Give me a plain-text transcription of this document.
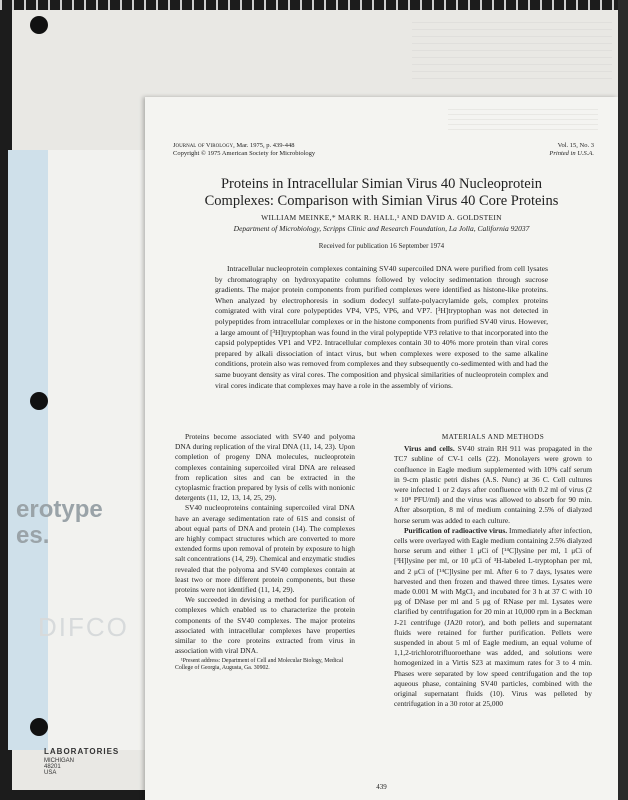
erotype
es.
DIFCO
LABORATORIES
MICHIGAN 48201 USA
Journal of Virology, Mar. 1975, p. 439-448
Copyright © 1975 American Society for Microbiology
Vol. 15, No. 3
Printed in U.S.A.
Proteins in Intracellular Simian Virus 40 Nucleoprotein
Complexes: Comparison with Simian Virus 40 Core Proteins
WILLIAM MEINKE,* MARK R. HALL,¹ AND DAVID A. GOLDSTEIN
Department of Microbiology, Scripps Clinic and Research Foundation, La Jolla, California 92037
Received for publication 16 September 1974

Intracellular nucleoprotein complexes containing SV40 supercoiled DNA were purified from cell lysates by chromatography on hydroxyapatite columns followed by velocity sedimentation through sucrose gradients. The major protein components from purified complexes were identified as histone-like proteins. When analyzed by electrophoresis in sodium dodecyl sulfate-polyacrylamide gels, complex proteins comigrated with viral core polypeptides VP4, VP5, VP6, and VP7. [³H]tryptophan was not detected in polypeptides from intracellular complexes or in the histone components from purified SV40 virus. However, a large amount of [³H]tryptophan was found in the viral polypeptide VP3 relative to that incorporated into the capsid polypeptides VP1 and VP2. Intracellular complexes contain 30 to 40% more protein than viral cores prepared by alkali dissociation of intact virus, but when complexes were exposed to the same alkaline conditions, protein also was removed from complexes and they subsequently co-sedimented with and had the same buoyant density as viral cores. The composition and physical similarities of nucleoprotein complex and viral cores indicate that complexes may have a role in the assembly of virions.

Proteins become associated with SV40 and polyoma DNA during replication of the viral DNA (11, 14, 23). Upon completion of progeny DNA molecules, nucleoprotein complexes containing supercoiled viral DNA are released from replication sites and can be extracted in the cytoplasmic fraction prepared by lysis of cells with nonionic detergents (11, 12, 13, 14, 25, 29).

SV40 nucleoproteins containing supercoiled viral DNA have an average sedimentation rate of 61S and consist of about equal parts of DNA and protein (14). The complexes are highly compact structures which are converted to more extended forms upon removal of protein by exposure to high salt concentrations (14, 29). Chemical and enzymatic studies revealed that the polyoma and SV40 complexes contain at least two or more different protein components, but these proteins were not identified (11, 14, 29).

We succeeded in devising a method for purification of complexes which enabled us to characterize the protein components of the SV40 complexes. The major proteins associated with intracellular complexes have properties similar to the core proteins extracted from virus in association with viral DNA.

¹Present address: Department of Cell and Molecular Biology, Medical College of Georgia, Augusta, Ga. 30902.

MATERIALS AND METHODS

Virus and cells. SV40 strain RH 911 was propagated in the TC7 subline of CV-1 cells (22). Monolayers were grown to confluence in Eagle medium supplemented with 10% calf serum in 9-cm plastic petri dishes (A.S. Nunc) at 36 C. Cell cultures were infected 1 or 2 days after confluence with 0.2 ml of virus (2 × 10⁸ PFU/ml) and the virus was allowed to absorb for 90 min. After absorption, 8 ml of medium containing 2.5% of dialyzed horse serum was added to each culture.

Purification of radioactive virus. Immediately after infection, cells were overlayed with Eagle medium containing 2.5% dialyzed horse serum and either 1 μCi of [¹⁴C]lysine per ml, 1 μCi of [³H]lysine per ml, or 10 μCi of ³H-labeled L-tryptophan per ml, and 2 μCi of [¹⁴C]lysine per ml. After 6 to 7 days, lysates were harvested and then frozen and thawed three times. Lysates were made 0.001 M with MgCl₂ and incubated for 3 h at 37 C with 10 μg of DNase per ml and 5 μg of RNase per ml. Lysates were clarified by centrifugation for 20 min at 10,000 rpm in a Beckman J-21 centrifuge (JA20 rotor), and both pellets and supernatant fluids were retained for further purification. Pellets were suspended in about 5 ml of Eagle medium, an equal volume of 1,1,2-trichlorotrifluoroethane was added, and solutions were homogenized in a Virtis S23 at maximum rates for 3 to 4 min. Phases were separated by low speed centrifugation and the top aqueous phase, containing SV40 particles, combined with the original supernatant fluids (10). Virus was pelleted by centrifugation in a 30 rotor at 25,000

439
